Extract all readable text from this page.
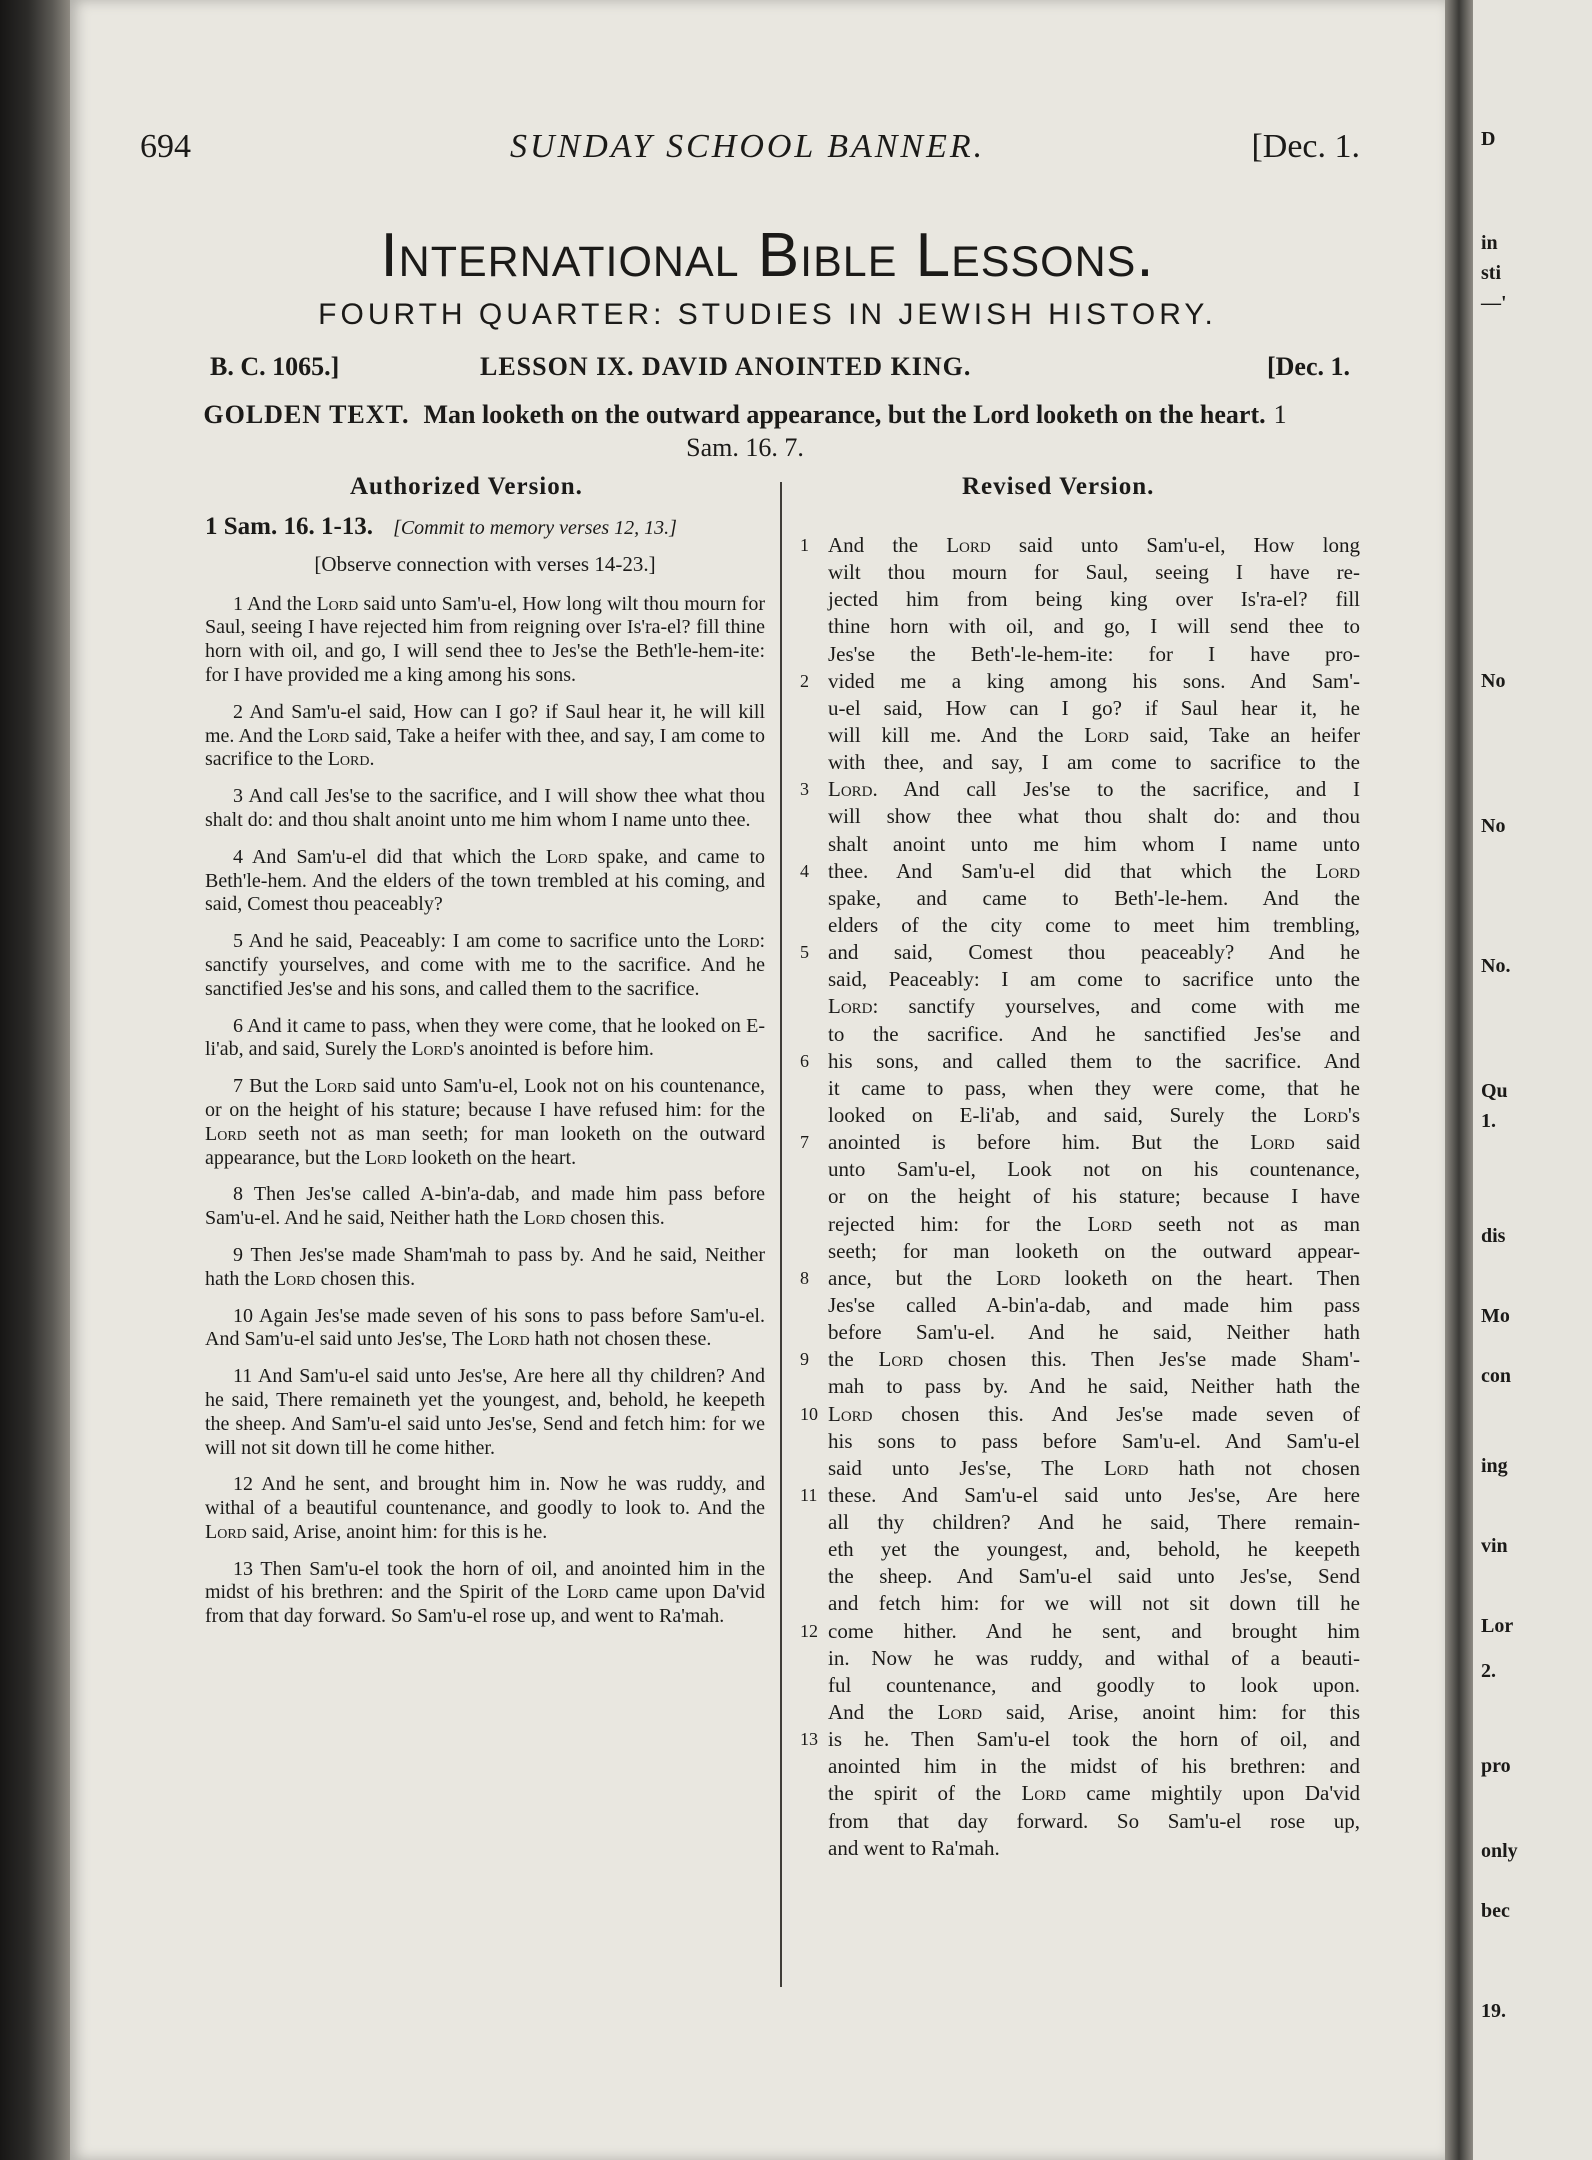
694	SUNDAY SCHOOL BANNER.	[Dec. 1.
International Bible Lessons.
FOURTH QUARTER: STUDIES IN JEWISH HISTORY.
B. C. 1065.]	LESSON IX. DAVID ANOINTED KING.	[Dec. 1.
GOLDEN TEXT. Man looketh on the outward appearance, but the Lord looketh on the heart. 1 Sam. 16. 7.
Authorized Version.	Revised Version.
1 Sam. 16. 1-13. [Commit to memory verses 12, 13.]
[Observe connection with verses 14-23.]
1 And the Lord said unto Sam'u-el, How long wilt thou mourn for Saul, seeing I have rejected him from reigning over Is'ra-el? fill thine horn with oil, and go, I will send thee to Jes'se the Beth'le-hem-ite: for I have provided me a king among his sons.
2 And Sam'u-el said, How can I go? if Saul hear it, he will kill me. And the Lord said, Take a heifer with thee, and say, I am come to sacrifice to the Lord.
3 And call Jes'se to the sacrifice, and I will show thee what thou shalt do: and thou shalt anoint unto me him whom I name unto thee.
4 And Sam'u-el did that which the Lord spake, and came to Beth'le-hem. And the elders of the town trembled at his coming, and said, Comest thou peaceably?
5 And he said, Peaceably: I am come to sacrifice unto the Lord: sanctify yourselves, and come with me to the sacrifice. And he sanctified Jes'se and his sons, and called them to the sacrifice.
6 And it came to pass, when they were come, that he looked on E-li'ab, and said, Surely the Lord's anointed is before him.
7 But the Lord said unto Sam'u-el, Look not on his countenance, or on the height of his stature; because I have refused him: for the Lord seeth not as man seeth; for man looketh on the outward appearance, but the Lord looketh on the heart.
8 Then Jes'se called A-bin'a-dab, and made him pass before Sam'u-el. And he said, Neither hath the Lord chosen this.
9 Then Jes'se made Sham'mah to pass by. And he said, Neither hath the Lord chosen this.
10 Again Jes'se made seven of his sons to pass before Sam'u-el. And Sam'u-el said unto Jes'se, The Lord hath not chosen these.
11 And Sam'u-el said unto Jes'se, Are here all thy children? And he said, There remaineth yet the youngest, and, behold, he keepeth the sheep. And Sam'u-el said unto Jes'se, Send and fetch him: for we will not sit down till he come hither.
12 And he sent, and brought him in. Now he was ruddy, and withal of a beautiful countenance, and goodly to look to. And the Lord said, Arise, anoint him: for this is he.
13 Then Sam'u-el took the horn of oil, and anointed him in the midst of his brethren: and the Spirit of the Lord came upon Da'vid from that day forward. So Sam'u-el rose up, and went to Ra'mah.
1 And the Lord said unto Sam'u-el, How long
wilt thou mourn for Saul, seeing I have re-
jected him from being king over Is'ra-el? fill
thine horn with oil, and go, I will send thee to
Jes'se the Beth'-le-hem-ite: for I have pro-
2 vided me a king among his sons. And Sam'-
u-el said, How can I go? if Saul hear it, he
will kill me. And the Lord said, Take an heifer
with thee, and say, I am come to sacrifice to the
3 Lord. And call Jes'se to the sacrifice, and I
will show thee what thou shalt do: and thou
shalt anoint unto me him whom I name unto
4 thee. And Sam'u-el did that which the Lord
spake, and came to Beth'-le-hem. And the
elders of the city come to meet him trembling,
5 and said, Comest thou peaceably? And he
said, Peaceably: I am come to sacrifice unto the
Lord: sanctify yourselves, and come with me
to the sacrifice. And he sanctified Jes'se and
6 his sons, and called them to the sacrifice. And
it came to pass, when they were come, that he
looked on E-li'ab, and said, Surely the Lord's
7 anointed is before him. But the Lord said
unto Sam'u-el, Look not on his countenance,
or on the height of his stature; because I have
rejected him: for the Lord seeth not as man
seeth; for man looketh on the outward appear-
8 ance, but the Lord looketh on the heart. Then
Jes'se called A-bin'a-dab, and made him pass
before Sam'u-el. And he said, Neither hath
9 the Lord chosen this. Then Jes'se made Sham'-
mah to pass by. And he said, Neither hath the
10 Lord chosen this. And Jes'se made seven of
his sons to pass before Sam'u-el. And Sam'u-el
said unto Jes'se, The Lord hath not chosen
11 these. And Sam'u-el said unto Jes'se, Are here
all thy children? And he said, There remain-
eth yet the youngest, and, behold, he keepeth
the sheep. And Sam'u-el said unto Jes'se, Send
and fetch him: for we will not sit down till he
12 come hither. And he sent, and brought him
in. Now he was ruddy, and withal of a beauti-
ful countenance, and goodly to look upon.
And the Lord said, Arise, anoint him: for this
13 is he. Then Sam'u-el took the horn of oil, and
anointed him in the midst of his brethren: and
the spirit of the Lord came mightily upon Da'vid
from that day forward. So Sam'u-el rose up,
and went to Ra'mah.
D
in
sti
—'
No
No
No.
Qu
1.
dis
Mo
con
ing
vin
Lor
2.
pro
only
bec
19.
